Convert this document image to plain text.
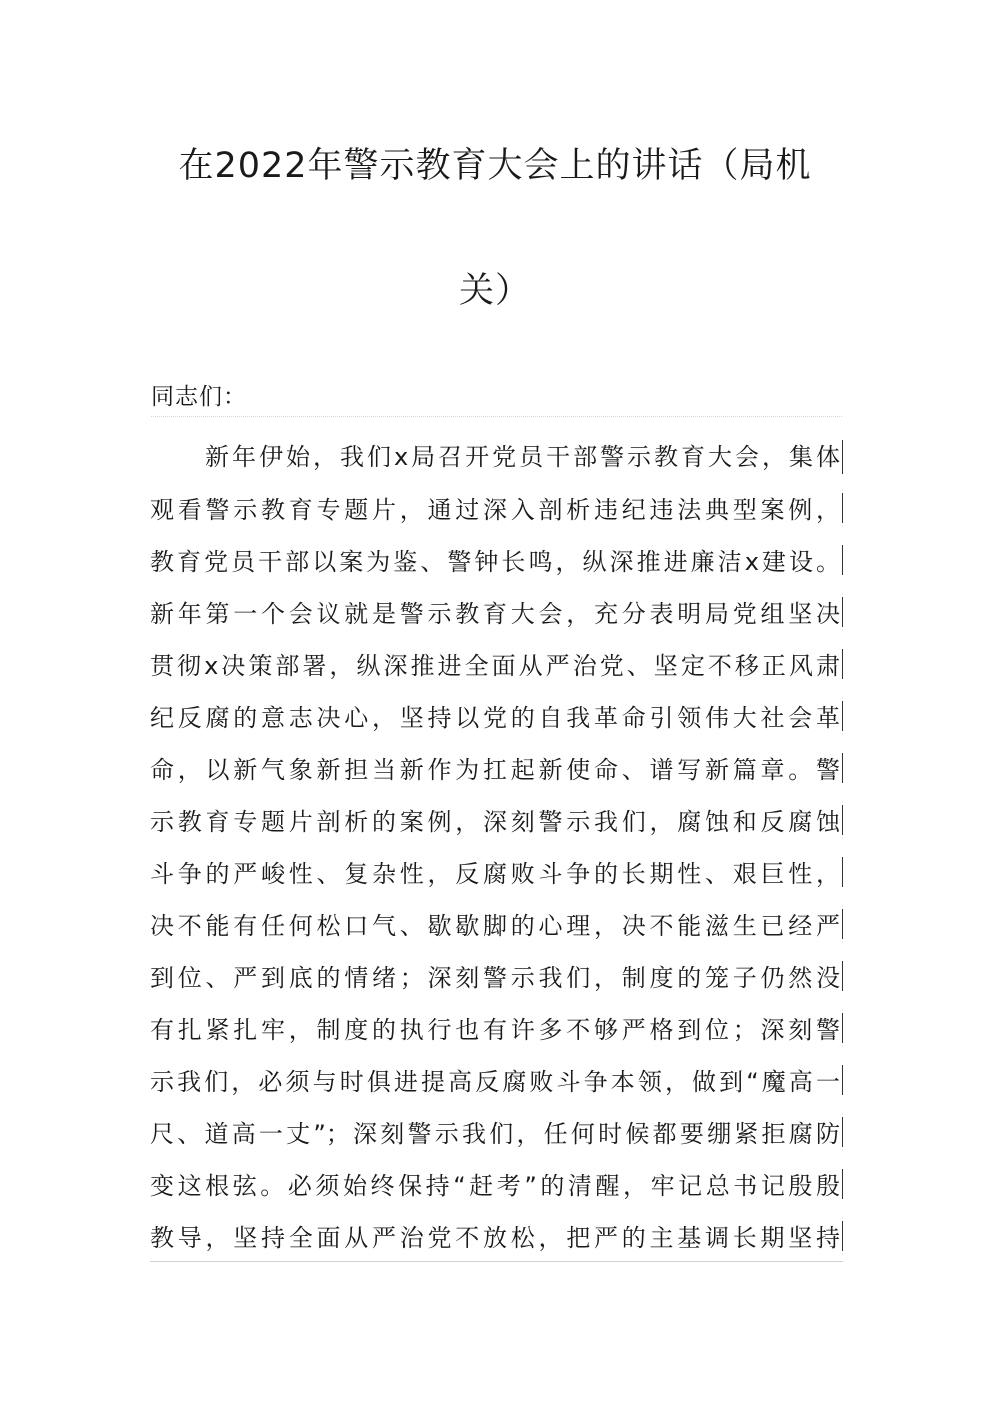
在2022年警示教育大会上的讲话（局机
关）
同志们：
新年伊始，我们x局召开党员干部警示教育大会，集体
观看警示教育专题片，通过深入剖析违纪违法典型案例，
教育党员干部以案为鉴、警钟长鸣，纵深推进廉洁x建设。
新年第一个会议就是警示教育大会，充分表明局党组坚决
贯彻x决策部署，纵深推进全面从严治党、坚定不移正风肃
纪反腐的意志决心，坚持以党的自我革命引领伟大社会革
命，以新气象新担当新作为扛起新使命、谱写新篇章。警
示教育专题片剖析的案例，深刻警示我们，腐蚀和反腐蚀
斗争的严峻性、复杂性，反腐败斗争的长期性、艰巨性，
决不能有任何松口气、歇歇脚的心理，决不能滋生已经严
到位、严到底的情绪；深刻警示我们，制度的笼子仍然没
有扎紧扎牢，制度的执行也有许多不够严格到位；深刻警
示我们，必须与时俱进提高反腐败斗争本领，做到“魔高一
尺、道高一丈”；深刻警示我们，任何时候都要绷紧拒腐防
变这根弦。必须始终保持“赶考”的清醒，牢记总书记殷殷
教导，坚持全面从严治党不放松，把严的主基调长期坚持
